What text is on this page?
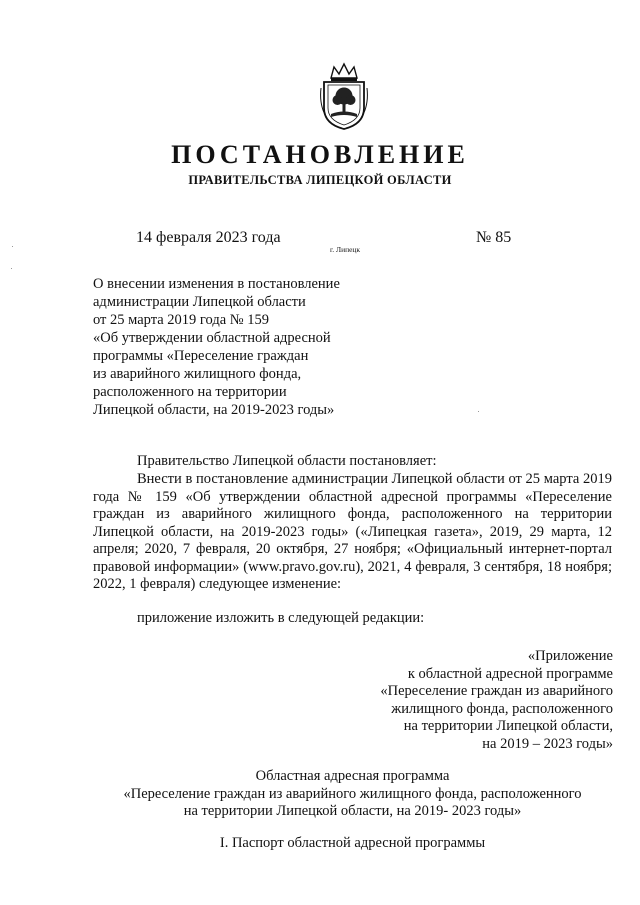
ПОСТАНОВЛЕНИЕ
ПРАВИТЕЛЬСТВА ЛИПЕЦКОЙ ОБЛАСТИ
14 февраля 2023 года
г. Липецк
№ 85
О внесении изменения в постановление
администрации Липецкой области
от 25 марта 2019 года № 159
«Об утверждении областной адресной
программы «Переселение граждан
из аварийного жилищного фонда,
расположенного на территории
Липецкой области, на 2019-2023 годы»
Правительство Липецкой области постановляет:
Внести в постановление администрации Липецкой области от 25 марта 2019 года № 159 «Об утверждении областной адресной программы «Переселение граждан из аварийного жилищного фонда, расположенного на территории Липецкой области, на 2019-2023 годы» («Липецкая газета», 2019, 29 марта, 12 апреля; 2020, 7 февраля, 20 октября, 27 ноября; «Официальный интернет-портал правовой информации» (www.pravo.gov.ru), 2021, 4 февраля, 3 сентября, 18 ноября; 2022, 1 февраля) следующее изменение:
приложение изложить в следующей редакции:
«Приложение
к областной адресной программе
«Переселение граждан из аварийного
жилищного фонда, расположенного
на территории Липецкой области,
на 2019 – 2023 годы»
Областная адресная программа
«Переселение граждан из аварийного жилищного фонда, расположенного
на территории Липецкой области, на 2019- 2023 годы»
I. Паспорт областной адресной программы
